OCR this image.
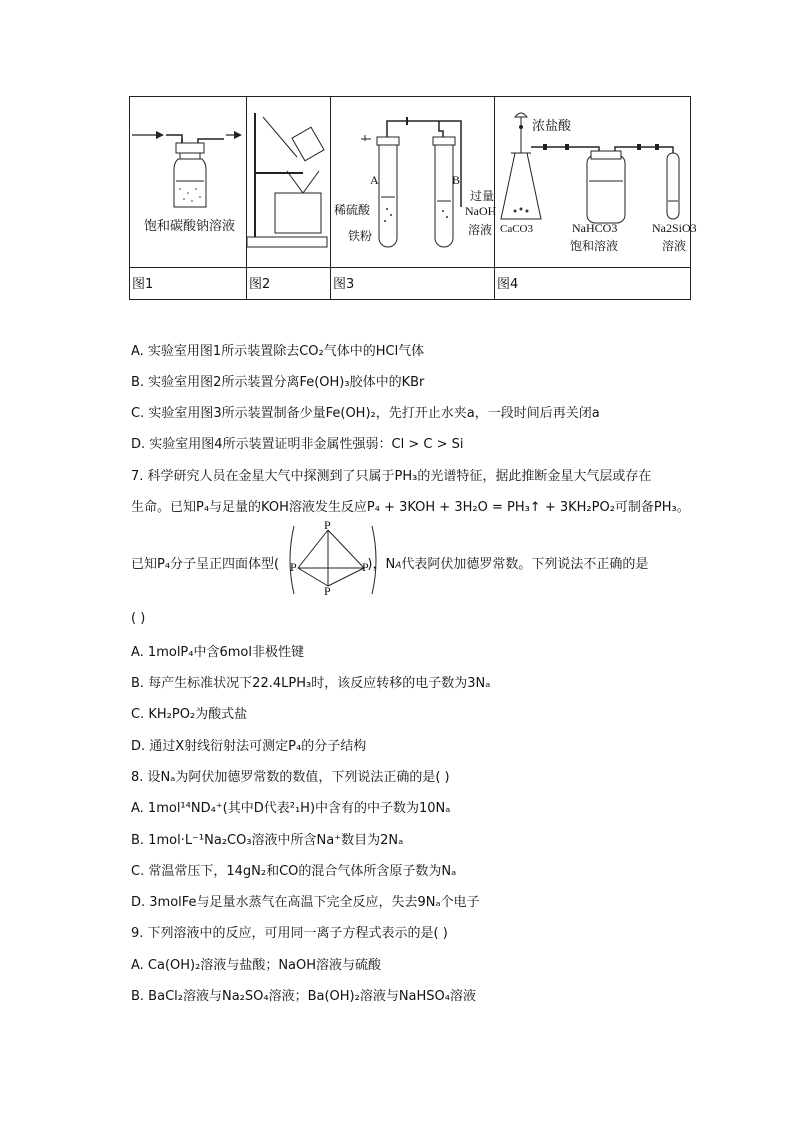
饱和碳酸钠溶液
A	B
稀硫酸
铁粉
过量
NaOH
溶液
浓盐酸
CaCO3	NaHCO3
饱和溶液
Na2SiO3
溶液
图1	图2	图3	图4
A. 实验室用图1所示装置除去CO₂气体中的HCl气体
B. 实验室用图2所示装置分离Fe(OH)₃胶体中的KBr
C. 实验室用图3所示装置制备少量Fe(OH)₂，先打开止水夹a，一段时间后再关闭a
D. 实验室用图4所示装置证明非金属性强弱：Cl > C > Si
7. 科学研究人员在金星大气中探测到了只属于PH₃的光谱特征，据此推断金星大气层或存在
生命。已知P₄与足量的KOH溶液发生反应P₄ + 3KOH + 3H₂O = PH₃↑ + 3KH₂PO₂可制备PH₃。
已知P₄分子呈正四面体型(	)，NA代表阿伏加德罗常数。下列说法不正确的是
P
P	P
P
( )
A. 1molP₄中含6mol非极性键
B. 每产生标准状况下22.4LPH₃时，该反应转移的电子数为3Nₐ
C. KH₂PO₂为酸式盐
D. 通过X射线衍射法可测定P₄的分子结构
8. 设Nₐ为阿伏加德罗常数的数值，下列说法正确的是( )
A. 1mol¹⁴ND₄⁺(其中D代表²₁H)中含有的中子数为10Nₐ
B. 1mol·L⁻¹Na₂CO₃溶液中所含Na⁺数目为2Nₐ
C. 常温常压下，14gN₂和CO的混合气体所含原子数为Nₐ
D. 3molFe与足量水蒸气在高温下完全反应，失去9Nₐ个电子
9. 下列溶液中的反应，可用同一离子方程式表示的是( )
A. Ca(OH)₂溶液与盐酸；NaOH溶液与硫酸
B. BaCl₂溶液与Na₂SO₄溶液；Ba(OH)₂溶液与NaHSO₄溶液
